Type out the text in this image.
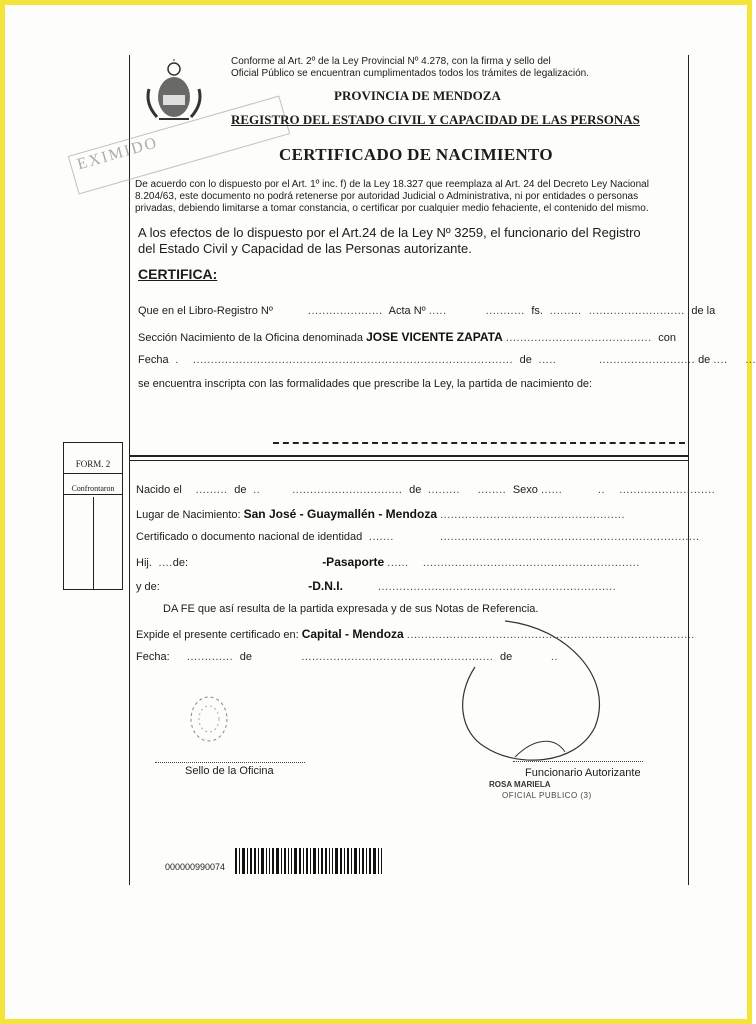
EXIMIDO
Conforme al Art. 2º de la Ley Provincial Nº 4.278, con la firma y sello del
Oficial Público se encuentran cumplimentados todos los trámites de legalización.
PROVINCIA DE MENDOZA
REGISTRO DEL ESTADO CIVIL Y CAPACIDAD DE LAS PERSONAS
CERTIFICADO DE NACIMIENTO
De acuerdo con lo dispuesto por el Art. 1º inc. f) de la Ley 18.327 que reemplaza al Art. 24 del Decreto Ley Nacional
8.204/63, este documento no podrá retenerse por autoridad Judicial o Administrativa, ni por entidades o personas
privadas, debiendo limitarse a tomar constancia, o certificar por cualquier medio fehaciente, el contenido del mismo.
A los efectos de lo dispuesto por el Art.24 de la Ley Nº 3259, el funcionario del Registro
del Estado Civil y Capacidad de las Personas autorizante.
CERTIFICA:
Que en el Libro-Registro Nº          .....................  Acta Nº .....           ...........  fs.  .........  ...........................  de la
Sección Nacimiento de la Oficina denominada JOSE VICENTE ZAPATA .........................................  con
Fecha  .    ..........................................................................................  de  .....            ........................... de ....     ...
se encuentra inscripta con las formalidades que prescribe la Ley, la partida de nacimiento de:
FORM. 2
Confrontaron	Nacido el    .........  de  ..         ...............................  de  .........     ........  Sexo ......          ..    ...........................
Lugar de Nacimiento: San José - Guaymallén - Mendoza ....................................................
Certificado o documento nacional de identidad  .......             .........................................................................
Hij.  ....de:	-Pasaporte ......    .............................................................
y de:	-D.N.I.          ...................................................................
DA FE que así resulta de la partida expresada y de sus Notas de Referencia.
Expide el presente certificado en: Capital - Mendoza .................................................................................
Fecha:     .............  de              ......................................................  de           ..
Sello de la Oficina	Funcionario Autorizante
ROSA MARIELA
OFICIAL PUBLICO (3)
000000990074
